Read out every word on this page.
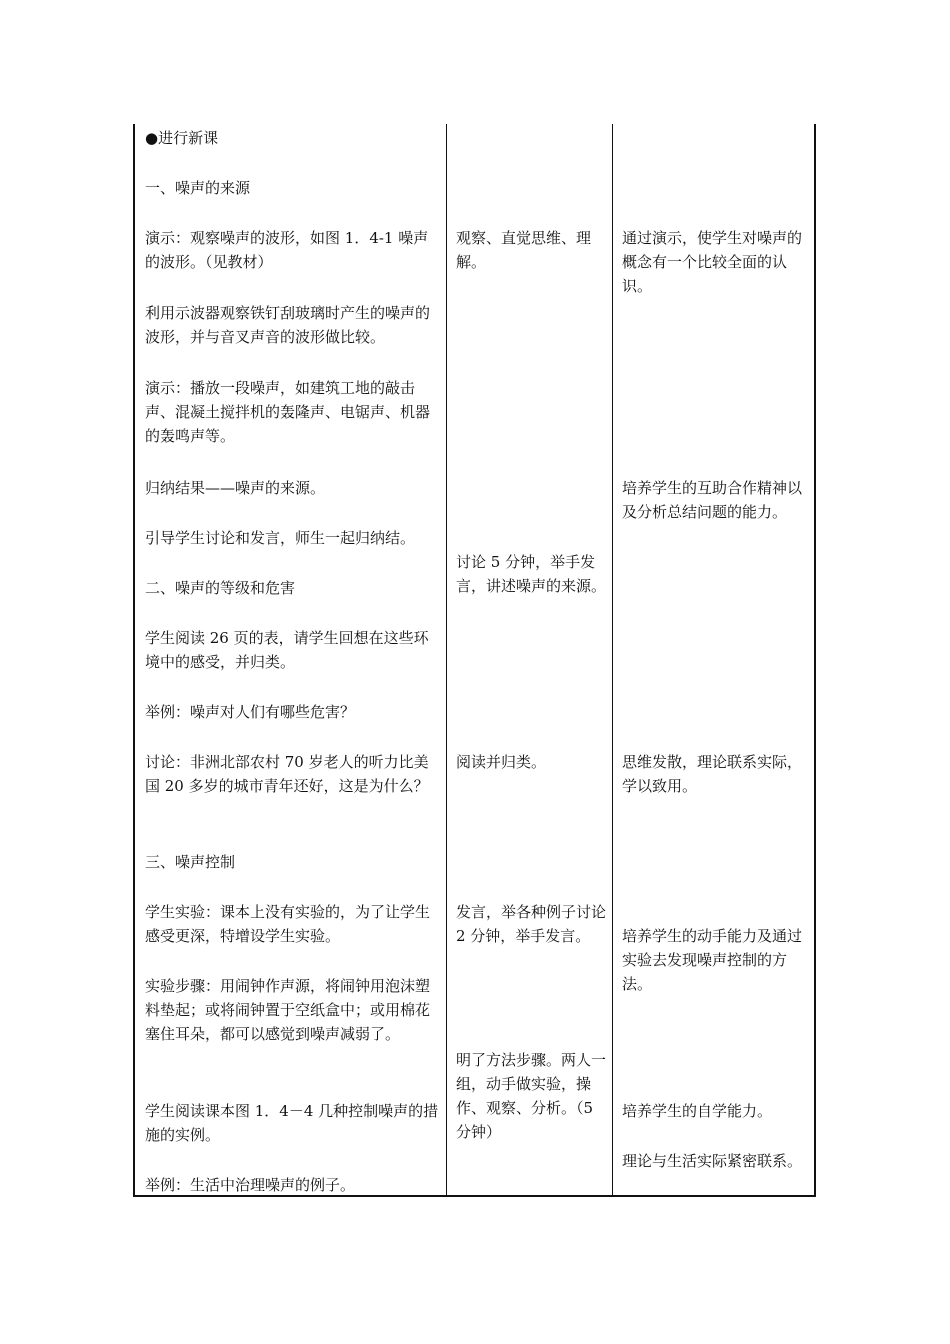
●进行新课

一、噪声的来源

演示：观察噪声的波形，如图 1．4-1 噪声的波形。（见教材）

利用示波器观察铁钉刮玻璃时产生的噪声的波形，并与音叉声音的波形做比较。

演示：播放一段噪声，如建筑工地的敲击声、混凝土搅拌机的轰隆声、电锯声、机器的轰鸣声等。

归纳结果——噪声的来源。

引导学生讨论和发言，师生一起归纳结。

二、噪声的等级和危害

学生阅读 26 页的表，请学生回想在这些环境中的感受，并归类。

举例：噪声对人们有哪些危害？

讨论：非洲北部农村 70 岁老人的听力比美国 20 多岁的城市青年还好，这是为什么？

三、噪声控制

学生实验：课本上没有实验的，为了让学生感受更深，特增设学生实验。

实验步骤：用闹钟作声源，将闹钟用泡沫塑料垫起；或将闹钟置于空纸盒中；或用棉花塞住耳朵，都可以感觉到噪声减弱了。

学生阅读课本图 1．4－4 几种控制噪声的措施的实例。

举例：生活中治理噪声的例子。

观察、直觉思维、理解。

讨论 5 分钟，举手发言，讲述噪声的来源。

阅读并归类。

发言，举各种例子讨论 2 分钟，举手发言。

明了方法步骤。两人一组，动手做实验，操作、观察、分析。（5 分钟）

通过演示，使学生对噪声的概念有一个比较全面的认识。

培养学生的互助合作精神以及分析总结问题的能力。

思维发散，理论联系实际，学以致用。

培养学生的动手能力及通过实验去发现噪声控制的方法。

培养学生的自学能力。

理论与生活实际紧密联系。
